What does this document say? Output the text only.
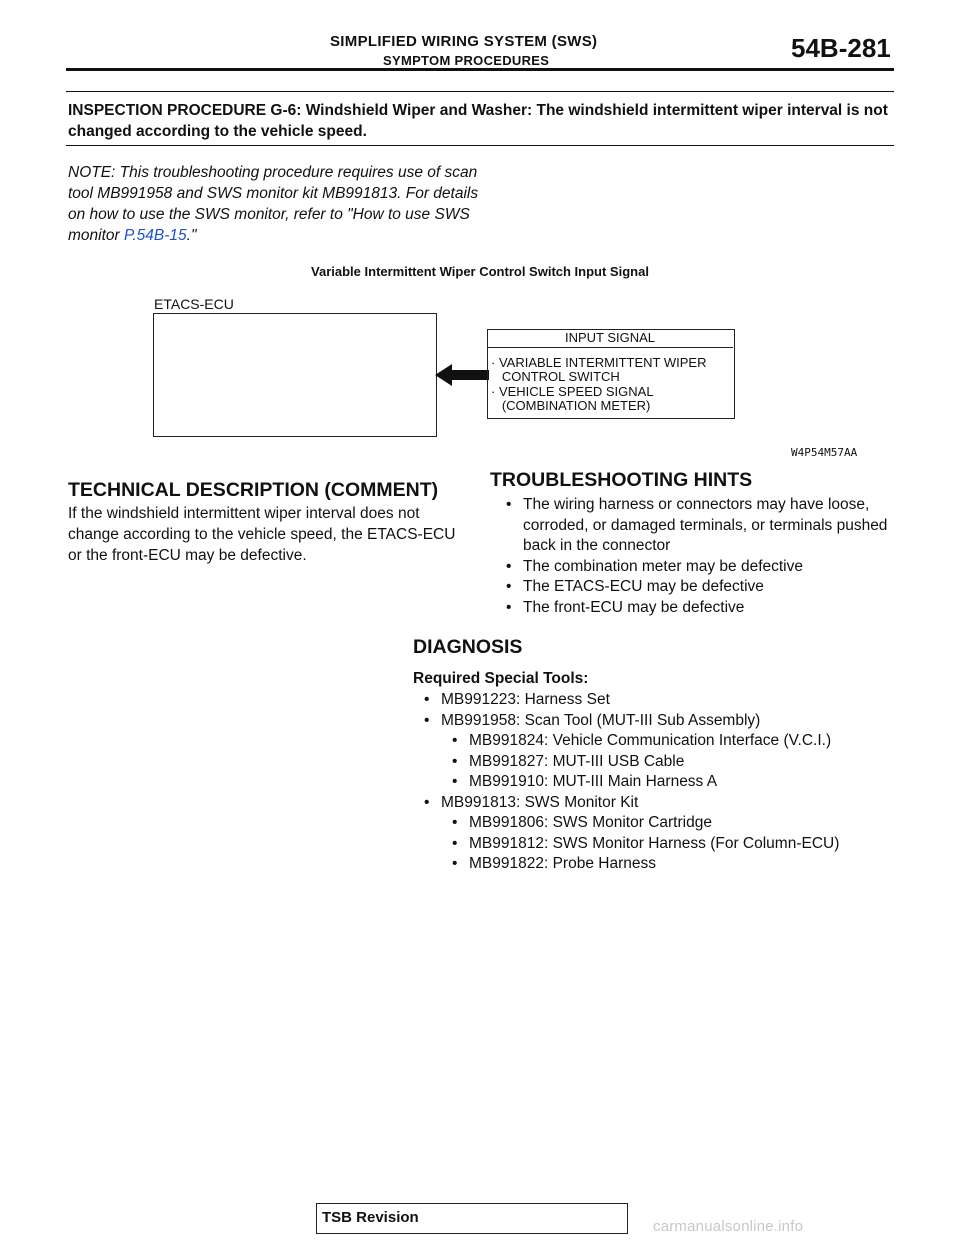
SIMPLIFIED WIRING SYSTEM (SWS)
SYMPTOM PROCEDURES	54B-281
INSPECTION PROCEDURE G-6: Windshield Wiper and Washer: The windshield intermittent wiper interval is not changed according to the vehicle speed.
NOTE: This troubleshooting procedure requires use of scan tool MB991958 and SWS monitor kit MB991813. For details on how to use the SWS monitor, refer to "How to use SWS monitor P.54B-15."
Variable Intermittent Wiper Control Switch Input Signal
ETACS-ECU
INPUT SIGNAL
· VARIABLE INTERMITTENT WIPER
CONTROL SWITCH
· VEHICLE SPEED SIGNAL
(COMBINATION METER)
W4P54M57AA
TECHNICAL DESCRIPTION (COMMENT)
If the windshield intermittent wiper interval does not change according to the vehicle speed, the ETACS-ECU or the front-ECU may be defective.
TROUBLESHOOTING HINTS
• The wiring harness or connectors may have loose, corroded, or damaged terminals, or terminals pushed back in the connector
• The combination meter may be defective
• The ETACS-ECU may be defective
• The front-ECU may be defective
DIAGNOSIS
Required Special Tools:
• MB991223: Harness Set
• MB991958: Scan Tool (MUT-III Sub Assembly)
• MB991824: Vehicle Communication Interface (V.C.I.)
• MB991827: MUT-III USB Cable
• MB991910: MUT-III Main Harness A
• MB991813: SWS Monitor Kit
• MB991806: SWS Monitor Cartridge
• MB991812: SWS Monitor Harness (For Column-ECU)
• MB991822: Probe Harness
TSB Revision
carmanualsonline.info
